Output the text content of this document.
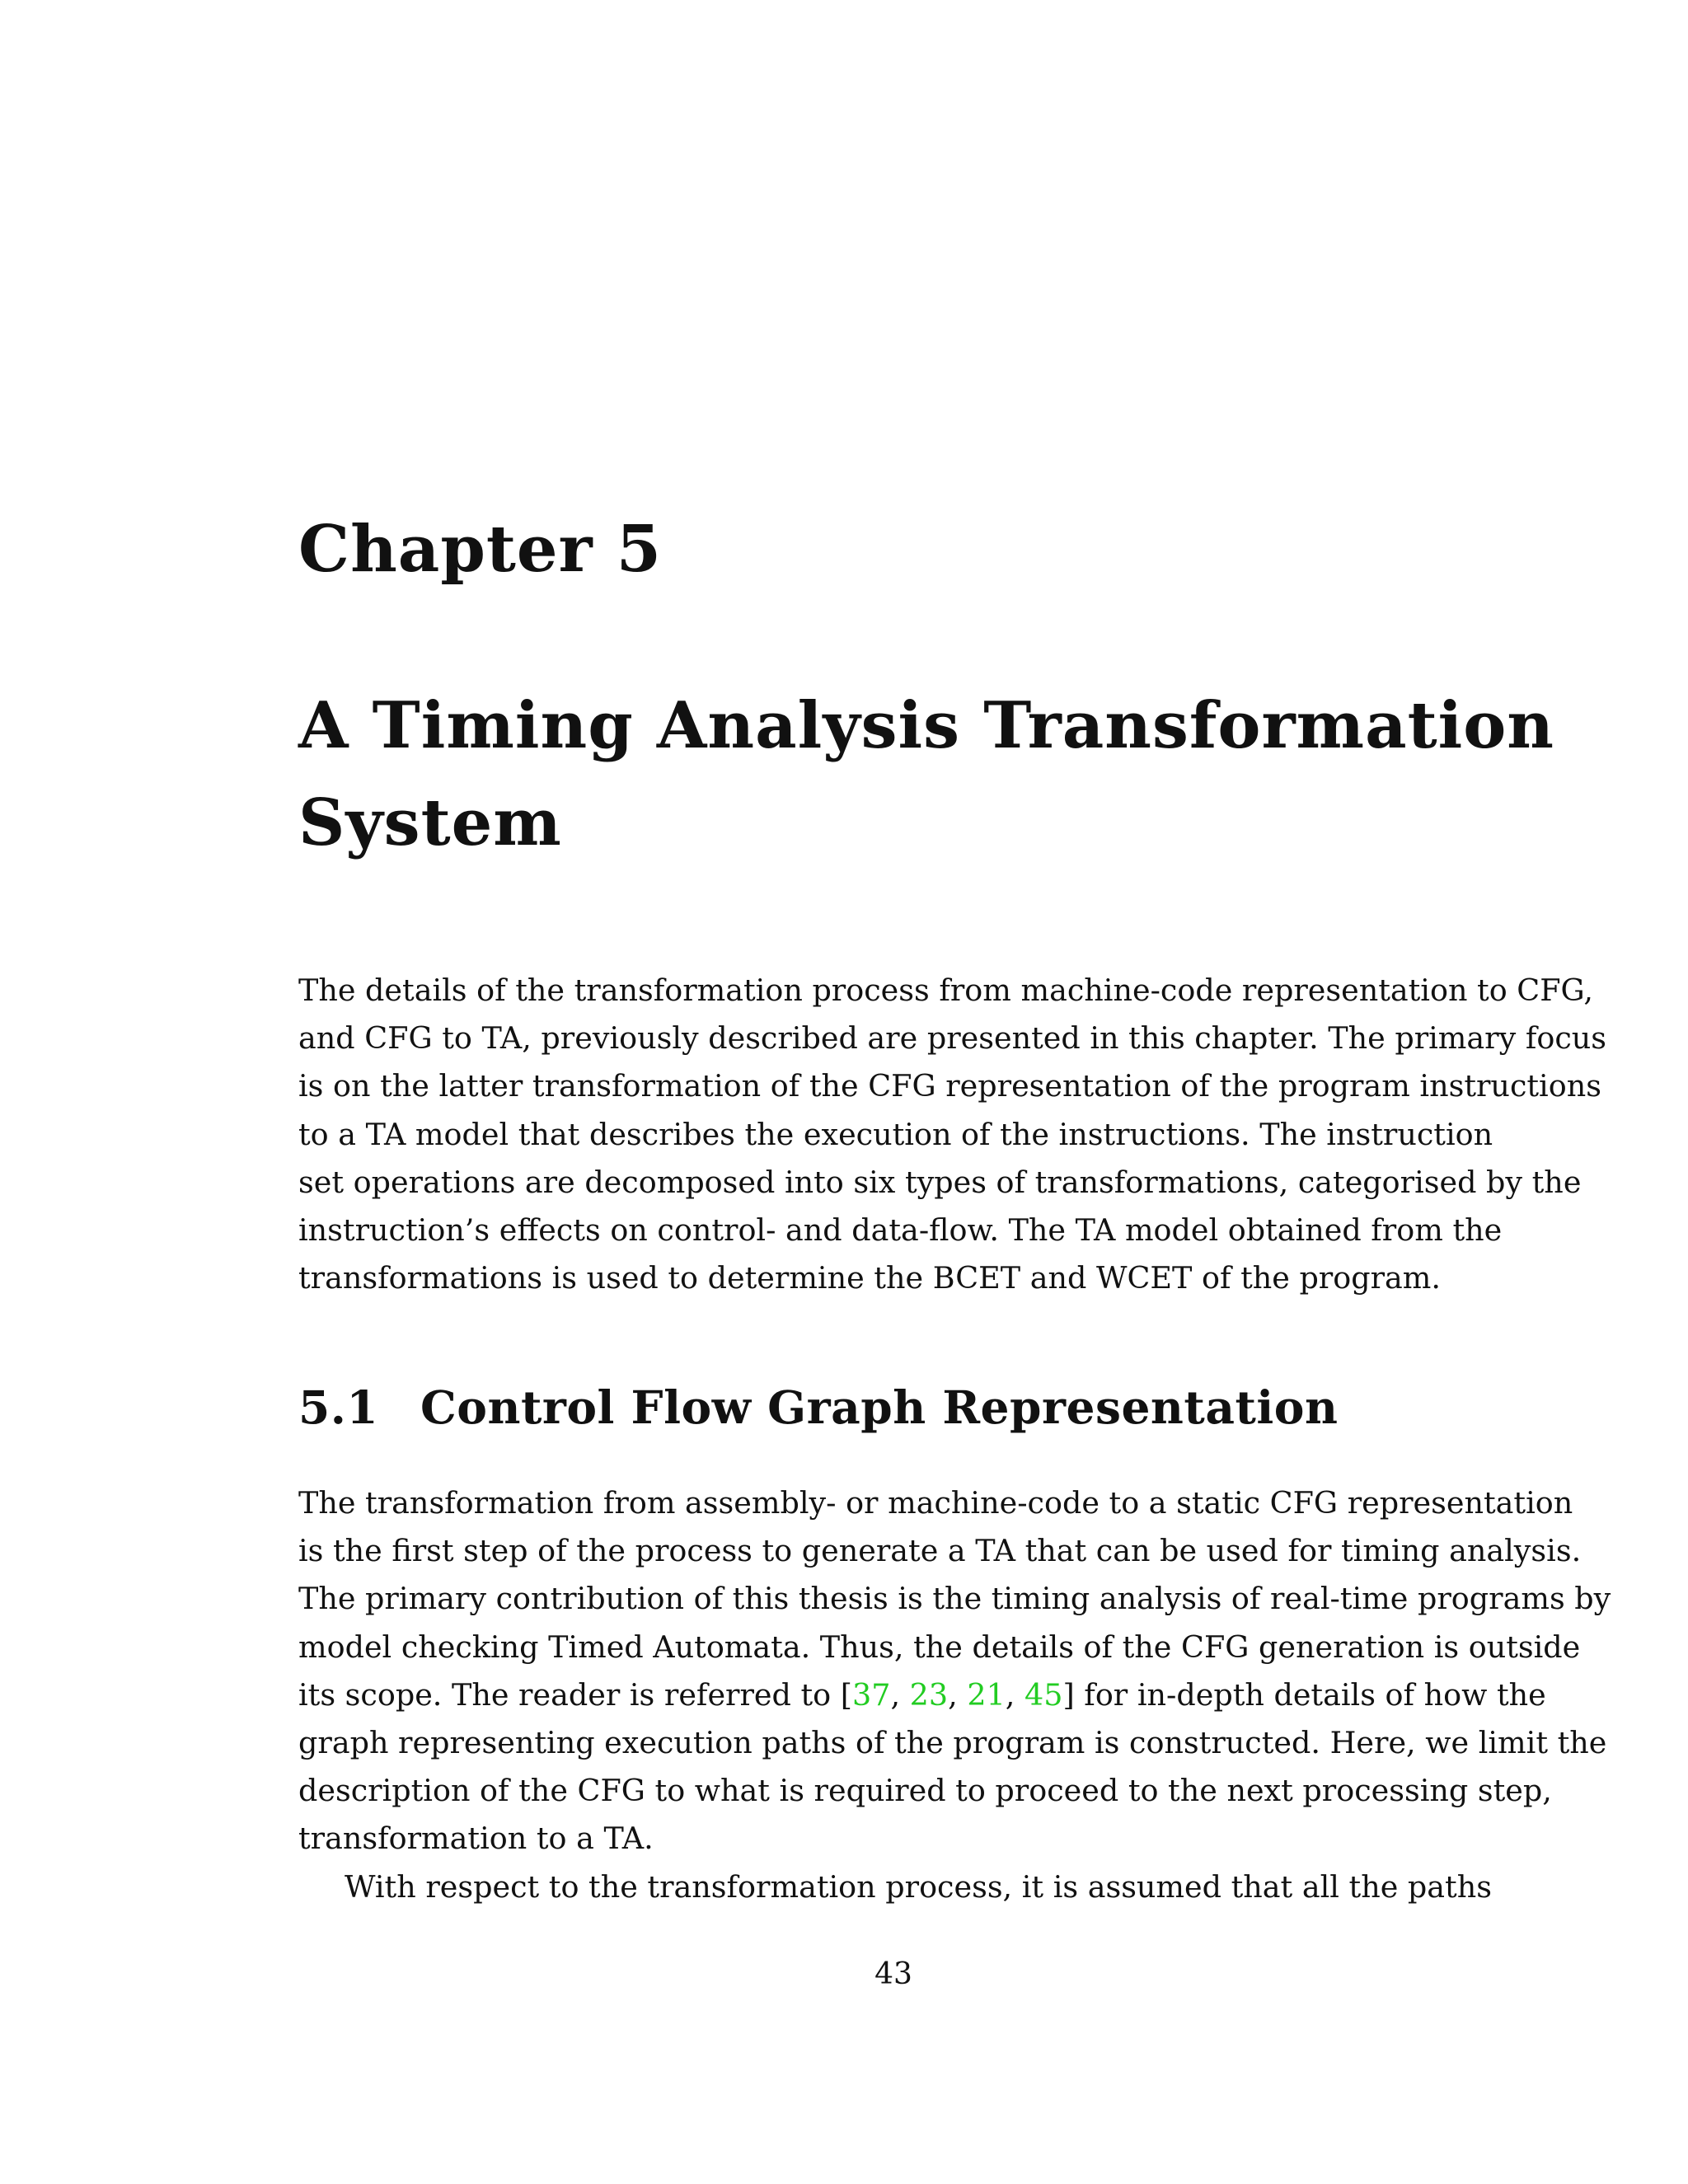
Chapter 5
A Timing Analysis Transformation
System
The details of the transformation process from machine-code representation to CFG,
and CFG to TA, previously described are presented in this chapter. The primary focus
is on the latter transformation of the CFG representation of the program instructions
to a TA model that describes the execution of the instructions. The instruction
set operations are decomposed into six types of transformations, categorised by the
instruction’s effects on control- and data-flow. The TA model obtained from the
transformations is used to determine the BCET and WCET of the program.
5.1 Control Flow Graph Representation
The transformation from assembly- or machine-code to a static CFG representation
is the first step of the process to generate a TA that can be used for timing analysis.
The primary contribution of this thesis is the timing analysis of real-time programs by
model checking Timed Automata. Thus, the details of the CFG generation is outside
its scope. The reader is referred to [37, 23, 21, 45] for in-depth details of how the
graph representing execution paths of the program is constructed. Here, we limit the
description of the CFG to what is required to proceed to the next processing step,
transformation to a TA.
With respect to the transformation process, it is assumed that all the paths
43
